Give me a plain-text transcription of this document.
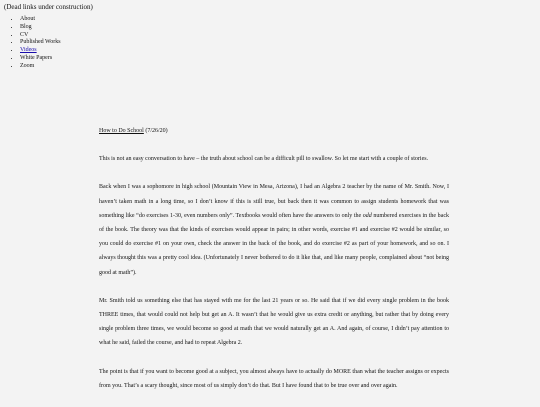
(Dead links under construction)
• About
• Blog
• CV
• Published Works
• Videos
• White Papers
• Zoom

How to Do School (7/26/20)

This is not an easy conversation to have – the truth about school can be a difficult pill to swallow. So let me start with a couple of stories.

Back when I was a sophomore in high school (Mountain View in Mesa, Arizona), I had an Algebra 2 teacher by the name of Mr. Smith. Now, I haven’t taken math in a long time, so I don’t know if this is still true, but back then it was common to assign students homework that was something like “do exercises 1-30, even numbers only”. Textbooks would often have the answers to only the odd numbered exercises in the back of the book. The theory was that the kinds of exercises would appear in pairs; in other words, exercise #1 and exercise #2 would be similar, so you could do exercise #1 on your own, check the answer in the back of the book, and do exercise #2 as part of your homework, and so on. I always thought this was a pretty cool idea. (Unfortunately I never bothered to do it like that, and like many people, complained about “not being good at math”).

Mr. Smith told us something else that has stayed with me for the last 21 years or so. He said that if we did every single problem in the book THREE times, that would could not help but get an A. It wasn’t that he would give us extra credit or anything, but rather that by doing every single problem three times, we would become so good at math that we would naturally get an A. And again, of course, I didn’t pay attention to what he said, failed the course, and had to repeat Algebra 2.

The point is that if you want to become good at a subject, you almost always have to actually do MORE than what the teacher assigns or expects from you. That’s a scary thought, since most of us simply don’t do that. But I have found that to be true over and over again.
